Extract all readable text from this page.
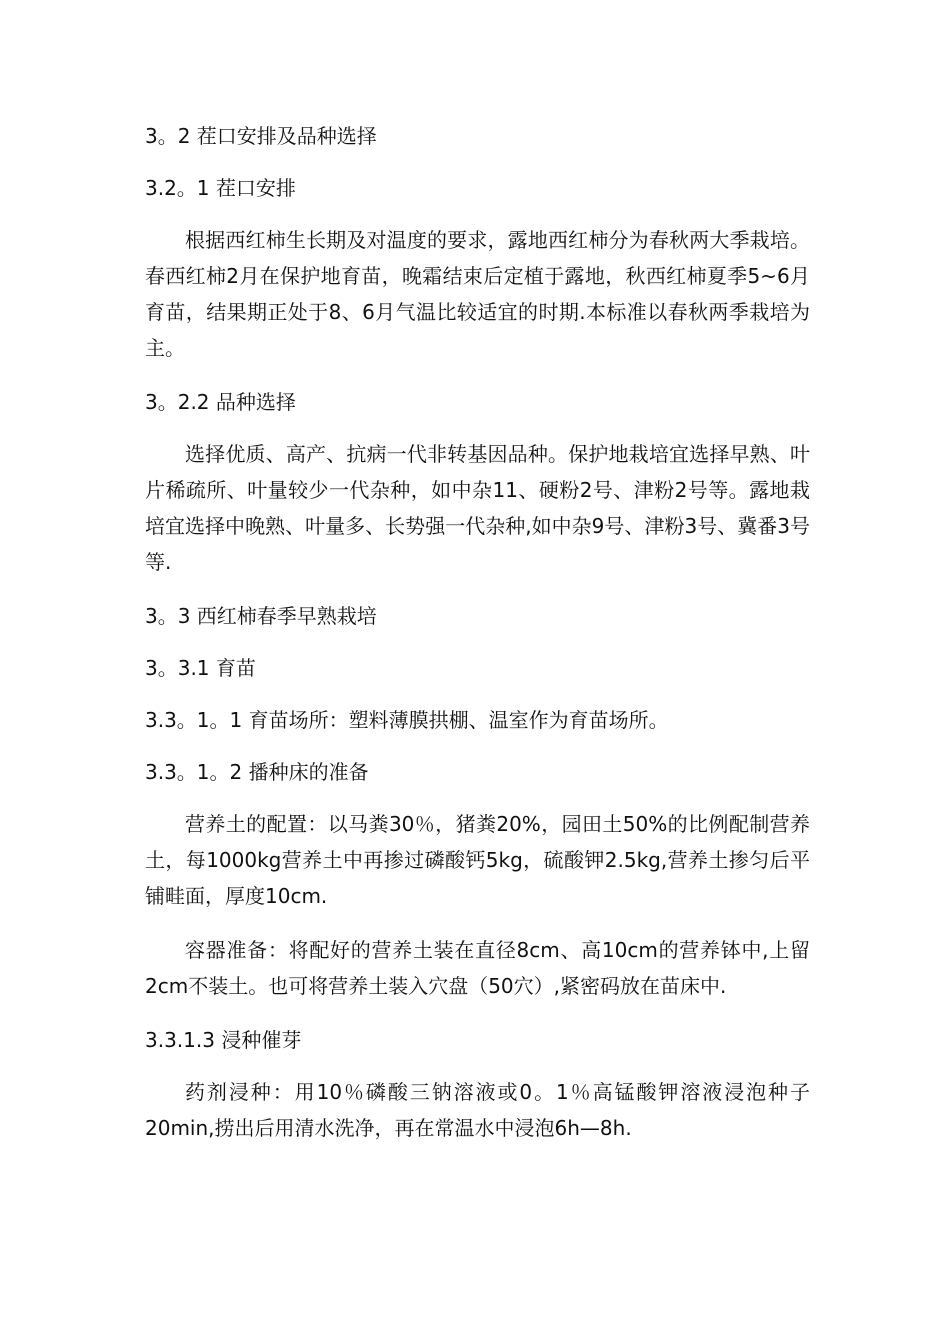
3。2 茬口安排及品种选择
3.2。1 茬口安排
根据西红柿生长期及对温度的要求，露地西红柿分为春秋两大季栽培。春西红柿2月在保护地育苗，晚霜结束后定植于露地，秋西红柿夏季5~6月育苗，结果期正处于8、6月气温比较适宜的时期.本标准以春秋两季栽培为主。
3。2.2 品种选择
选择优质、高产、抗病一代非转基因品种。保护地栽培宜选择早熟、叶片稀疏所、叶量较少一代杂种，如中杂11、硬粉2号、津粉2号等。露地栽培宜选择中晚熟、叶量多、长势强一代杂种,如中杂9号、津粉3号、冀番3号等.
3。3 西红柿春季早熟栽培
3。3.1 育苗
3.3。1。1 育苗场所：塑料薄膜拱棚、温室作为育苗场所。
3.3。1。2 播种床的准备
营养土的配置：以马粪30％，猪粪20%，园田土50%的比例配制营养土，每1000kg营养土中再掺过磷酸钙5kg，硫酸钾2.5kg,营养土掺匀后平铺畦面，厚度10cm.
容器准备：将配好的营养土装在直径8cm、高10cm的营养钵中,上留2cm不装土。也可将营养土装入穴盘（50穴）,紧密码放在苗床中.
3.3.1.3 浸种催芽
药剂浸种：用10％磷酸三钠溶液或0。1％高锰酸钾溶液浸泡种子20min,捞出后用清水洗净，再在常温水中浸泡6h—8h.
